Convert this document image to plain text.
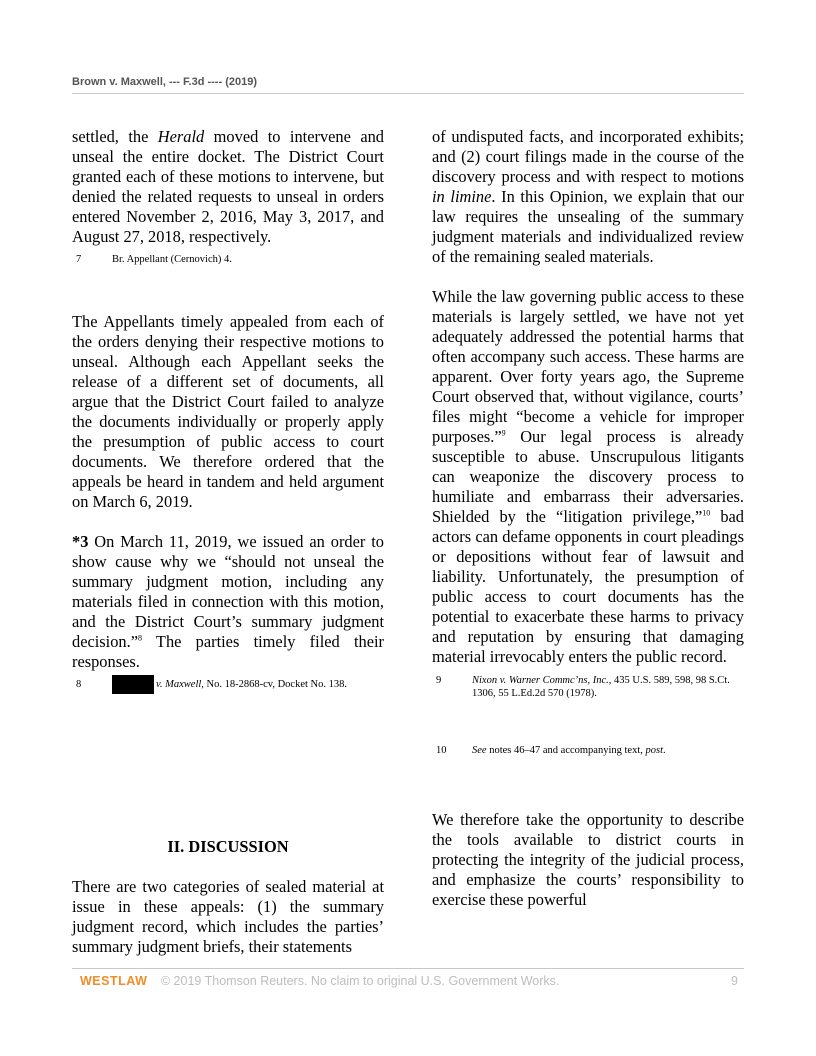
Brown v. Maxwell, --- F.3d ---- (2019)

settled, the Herald moved to intervene and unseal the entire docket. The District Court granted each of these motions to intervene, but denied the related requests to unseal in orders entered November 2, 2016, May 3, 2017, and August 27, 2018, respectively.

7	Br. Appellant (Cernovich) 4.

The Appellants timely appealed from each of the orders denying their respective motions to unseal. Although each Appellant seeks the release of a different set of documents, all argue that the District Court failed to analyze the documents individually or properly apply the presumption of public access to court documents. We therefore ordered that the appeals be heard in tandem and held argument on March 6, 2019.

*3 On March 11, 2019, we issued an order to show cause why we “should not unseal the summary judgment motion, including any materials filed in connection with this motion, and the District Court’s summary judgment decision.”$^8$ The parties timely filed their responses.

8	v. Maxwell, No. 18-2868-cv, Docket No. 138.

II. DISCUSSION

There are two categories of sealed material at issue in these appeals: (1) the summary judgment record, which includes the parties’ summary judgment briefs, their statements

of undisputed facts, and incorporated exhibits; and (2) court filings made in the course of the discovery process and with respect to motions in limine. In this Opinion, we explain that our law requires the unsealing of the summary judgment materials and individualized review of the remaining sealed materials.

While the law governing public access to these materials is largely settled, we have not yet adequately addressed the potential harms that often accompany such access. These harms are apparent. Over forty years ago, the Supreme Court observed that, without vigilance, courts’ files might “become a vehicle for improper purposes.”$^9$ Our legal process is already susceptible to abuse. Unscrupulous litigants can weaponize the discovery process to humiliate and embarrass their adversaries. Shielded by the “litigation privilege,”$^{10}$ bad actors can defame opponents in court pleadings or depositions without fear of lawsuit and liability. Unfortunately, the presumption of public access to court documents has the potential to exacerbate these harms to privacy and reputation by ensuring that damaging material irrevocably enters the public record.

9	Nixon v. Warner Commc’ns, Inc., 435 U.S. 589, 598, 98 S.Ct. 1306, 55 L.Ed.2d 570 (1978).

10 See notes 46–47 and accompanying text, post.

We therefore take the opportunity to describe the tools available to district courts in protecting the integrity of the judicial process, and emphasize the courts’ responsibility to exercise these powerful

WESTLAW © 2019 Thomson Reuters. No claim to original U.S. Government Works.	9
